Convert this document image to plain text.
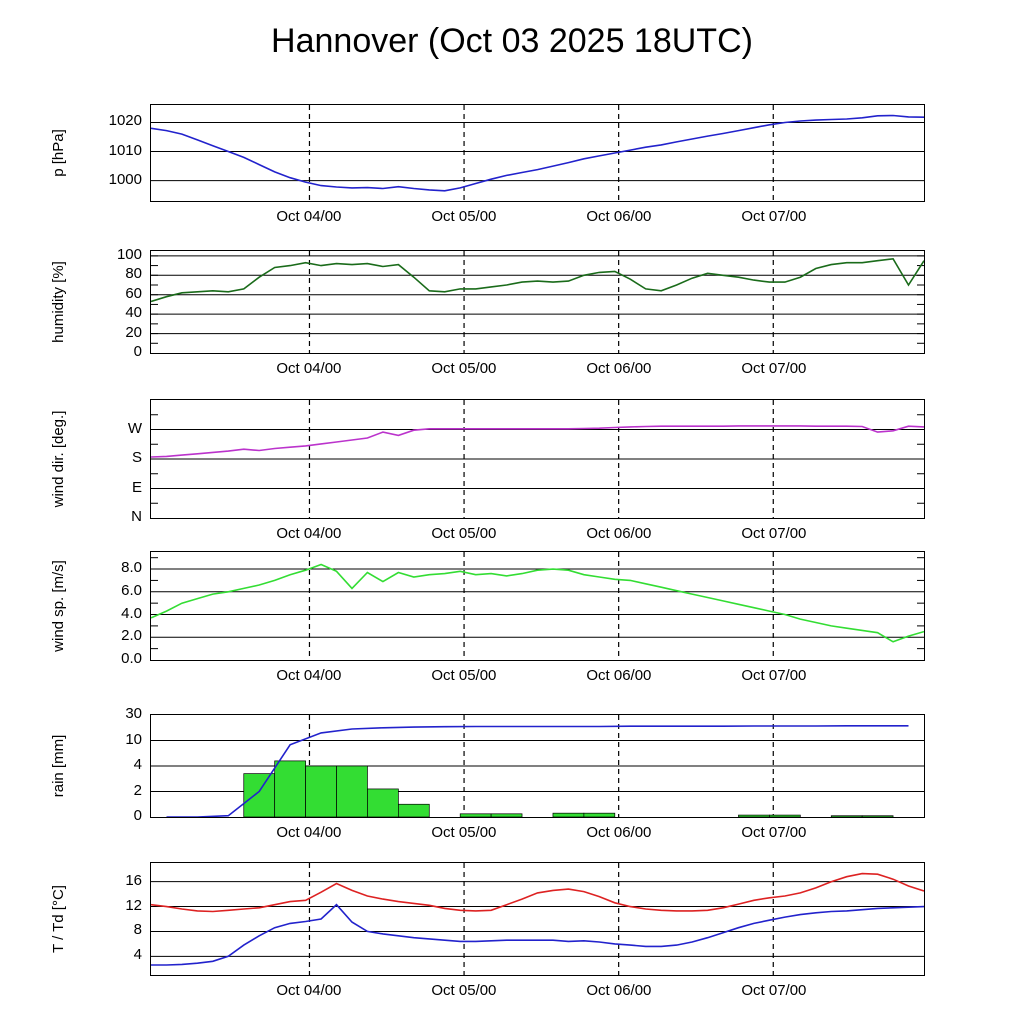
Hannover (Oct 03 2025 18UTC)
1000
1010
1020
p [hPa]
Oct 04/00	Oct 05/00	Oct 06/00	Oct 07/00
0
20
40
60
80
100
humidity [%]
Oct 04/00	Oct 05/00	Oct 06/00	Oct 07/00
N
E
S
W
wind dir. [deg.]
Oct 04/00	Oct 05/00	Oct 06/00	Oct 07/00
0.0
2.0
4.0
6.0
8.0
wind sp. [m/s]
Oct 04/00	Oct 05/00	Oct 06/00	Oct 07/00
0
2
4
10
30
rain [mm]
Oct 04/00	Oct 05/00	Oct 06/00	Oct 07/00
4
8
12
16
T / Td [°C]
Oct 04/00	Oct 05/00	Oct 06/00	Oct 07/00
